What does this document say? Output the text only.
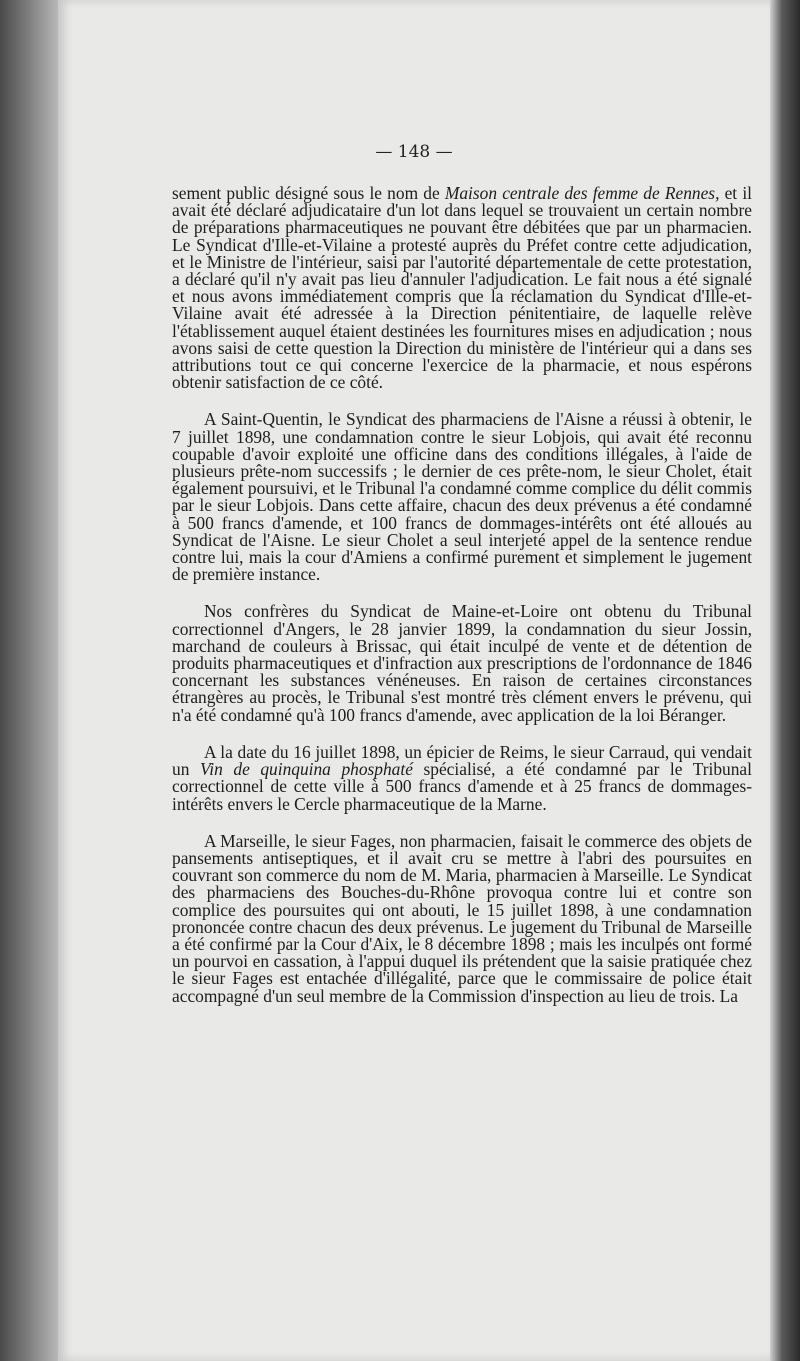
— 148 —

sement public désigné sous le nom de Maison centrale des femme de Rennes, et il avait été déclaré adjudicataire d'un lot dans lequel se trouvaient un certain nombre de préparations pharmaceutiques ne pouvant être débitées que par un pharmacien. Le Syndicat d'Ille-et-Vilaine a protesté auprès du Préfet contre cette adjudication, et le Ministre de l'intérieur, saisi par l'autorité départementale de cette protestation, a déclaré qu'il n'y avait pas lieu d'annuler l'adjudication. Le fait nous a été signalé et nous avons immédiatement compris que la réclamation du Syndicat d'Ille-et-Vilaine avait été adressée à la Direction pénitentiaire, de laquelle relève l'établissement auquel étaient destinées les fournitures mises en adjudication ; nous avons saisi de cette question la Direction du ministère de l'intérieur qui a dans ses attributions tout ce qui concerne l'exercice de la pharmacie, et nous espérons obtenir satisfaction de ce côté.

A Saint-Quentin, le Syndicat des pharmaciens de l'Aisne a réussi à obtenir, le 7 juillet 1898, une condamnation contre le sieur Lobjois, qui avait été reconnu coupable d'avoir exploité une officine dans des conditions illégales, à l'aide de plusieurs prête-nom successifs ; le dernier de ces prête-nom, le sieur Cholet, était également poursuivi, et le Tribunal l'a condamné comme complice du délit commis par le sieur Lobjois. Dans cette affaire, chacun des deux prévenus a été condamné à 500 francs d'amende, et 100 francs de dommages-intérêts ont été alloués au Syndicat de l'Aisne. Le sieur Cholet a seul interjeté appel de la sentence rendue contre lui, mais la cour d'Amiens a confirmé purement et simplement le jugement de première instance.

Nos confrères du Syndicat de Maine-et-Loire ont obtenu du Tribunal correctionnel d'Angers, le 28 janvier 1899, la condamnation du sieur Jossin, marchand de couleurs à Brissac, qui était inculpé de vente et de détention de produits pharmaceutiques et d'infraction aux prescriptions de l'ordonnance de 1846 concernant les substances vénéneuses. En raison de certaines circonstances étrangères au procès, le Tribunal s'est montré très clément envers le prévenu, qui n'a été condamné qu'à 100 francs d'amende, avec application de la loi Béranger.

A la date du 16 juillet 1898, un épicier de Reims, le sieur Carraud, qui vendait un Vin de quinquina phosphaté spécialisé, a été condamné par le Tribunal correctionnel de cette ville à 500 francs d'amende et à 25 francs de dommages-intérêts envers le Cercle pharmaceutique de la Marne.

A Marseille, le sieur Fages, non pharmacien, faisait le commerce des objets de pansements antiseptiques, et il avait cru se mettre à l'abri des poursuites en couvrant son commerce du nom de M. Maria, pharmacien à Marseille. Le Syndicat des pharmaciens des Bouches-du-Rhône provoqua contre lui et contre son complice des poursuites qui ont abouti, le 15 juillet 1898, à une condamnation prononcée contre chacun des deux prévenus. Le jugement du Tribunal de Marseille a été confirmé par la Cour d'Aix, le 8 décembre 1898 ; mais les inculpés ont formé un pourvoi en cassation, à l'appui duquel ils prétendent que la saisie pratiquée chez le sieur Fages est entachée d'illégalité, parce que le commissaire de police était accompagné d'un seul membre de la Commission d'inspection au lieu de trois. La
